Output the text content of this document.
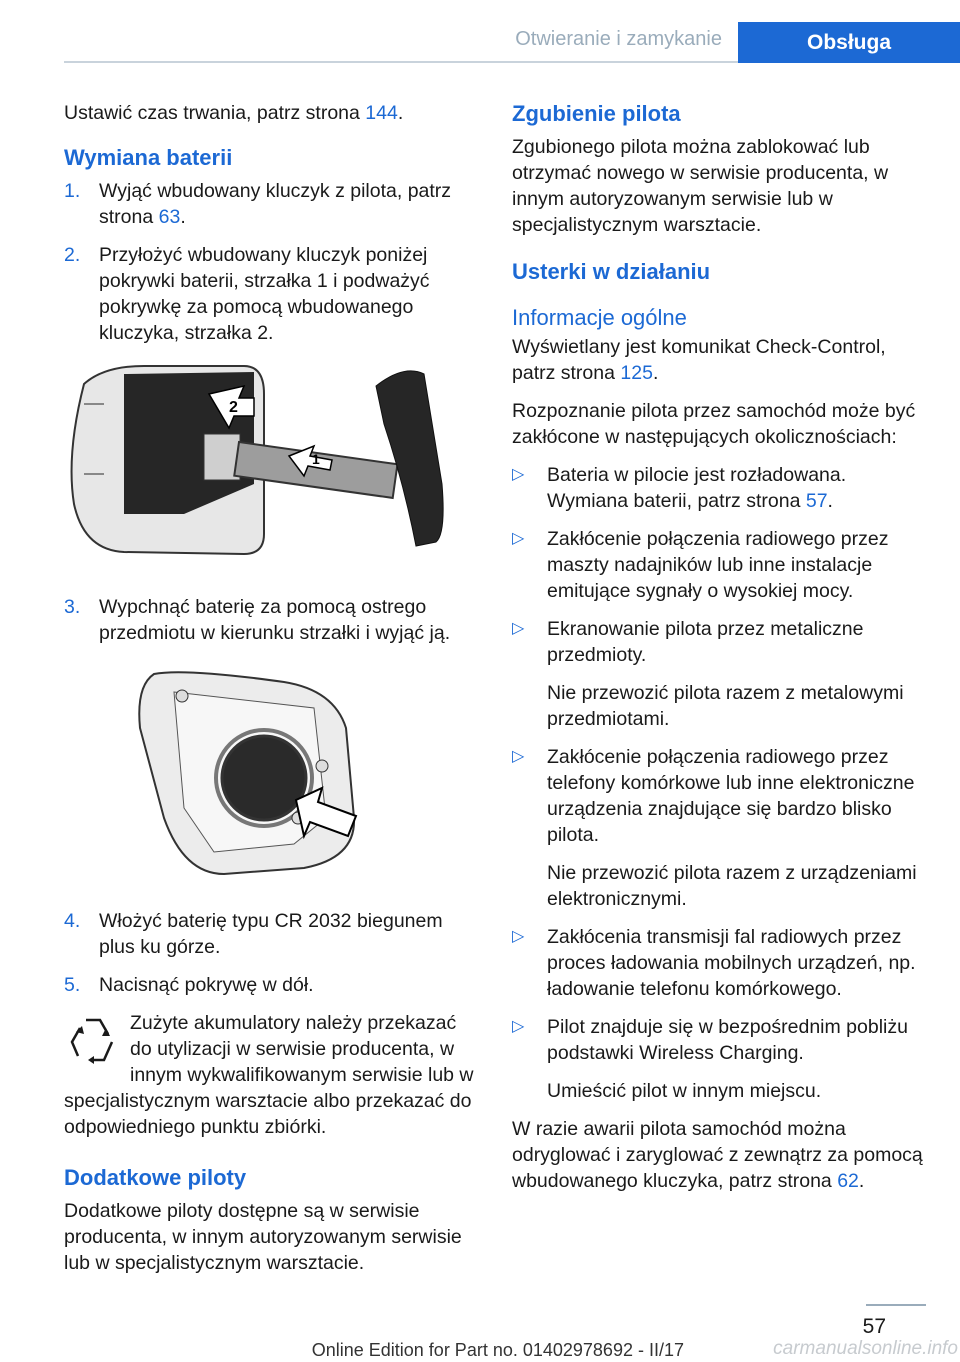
Otwieranie i zamykanie	Obsługa

Ustawić czas trwania, patrz strona 144.

Wymiana baterii
1. Wyjąć wbudowany kluczyk z pilota, patrz strona 63.
2. Przyłożyć wbudowany kluczyk poniżej pokrywki baterii, strzałka 1 i podważyć pokrywkę za pomocą wbudowanego kluczyka, strzałka 2.
2
1
3. Wypchnąć baterię za pomocą ostrego przedmiotu w kierunku strzałki i wyjąć ją.
4. Włożyć baterię typu CR 2032 biegunem plus ku górze.
5. Nacisnąć pokrywę w dół.

Zużyte akumulatory należy przekazać do utylizacji w serwisie producenta, w innym wykwalifikowanym serwisie lub w specjalistycznym warsztacie albo przekazać do odpowiedniego punktu zbiórki.

Dodatkowe piloty

Dodatkowe piloty dostępne są w serwisie producenta, w innym autoryzowanym serwisie lub w specjalistycznym warsztacie.

Zgubienie pilota

Zgubionego pilota można zablokować lub otrzymać nowego w serwisie producenta, w innym autoryzowanym serwisie lub w specjalistycznym warsztacie.

Usterki w działaniu
Informacje ogólne

Wyświetlany jest komunikat Check-Control, patrz strona 125.

Rozpoznanie pilota przez samochód może być zakłócone w następujących okolicznościach:

▷	Bateria w pilocie jest rozładowana. Wymiana baterii, patrz strona 57.
▷	Zakłócenie połączenia radiowego przez maszty nadajników lub inne instalacje emitujące sygnały o wysokiej mocy.
▷	Ekranowanie pilota przez metaliczne przedmioty.

Nie przewozić pilota razem z metalowymi przedmiotami.

▷	Zakłócenie połączenia radiowego przez telefony komórkowe lub inne elektroniczne urządzenia znajdujące się bardzo blisko pilota.

Nie przewozić pilota razem z urządzeniami elektronicznymi.

▷	Zakłócenia transmisji fal radiowych przez proces ładowania mobilnych urządzeń, np. ładowanie telefonu komórkowego.
▷	Pilot znajduje się w bezpośrednim pobliżu podstawki Wireless Charging.

Umieścić pilot w innym miejscu.

W razie awarii pilota samochód można odryglować i zaryglować z zewnątrz za pomocą wbudowanego kluczyka, patrz strona 62.

57
Online Edition for Part no. 01402978692 - II/17	carmanualsonline.info
